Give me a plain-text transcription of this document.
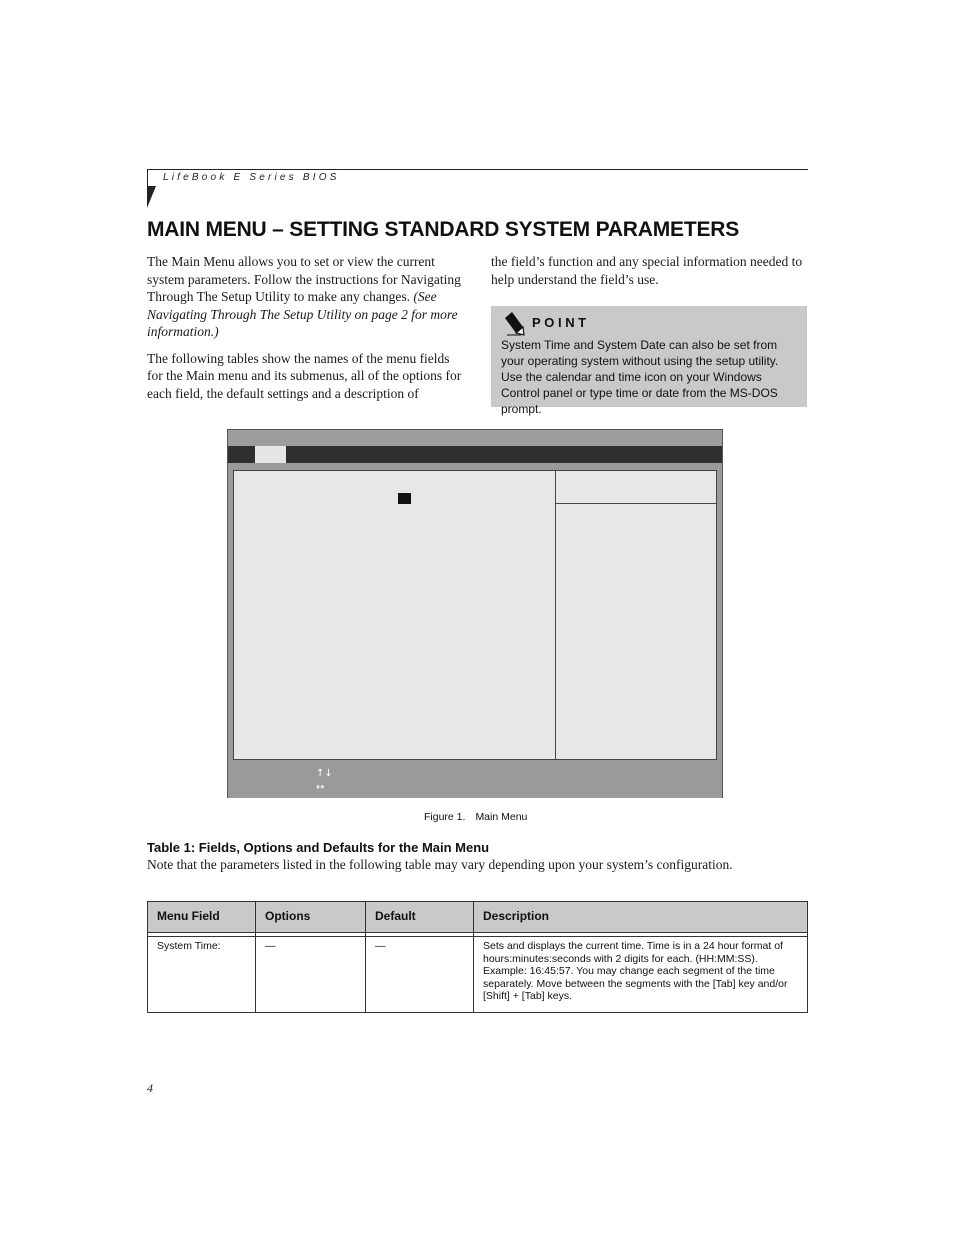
LifeBook E Series BIOS
MAIN MENU – SETTING STANDARD SYSTEM PARAMETERS

The Main Menu allows you to set or view the current system parameters. Follow the instructions for Navigating Through The Setup Utility to make any changes. (See Navigating Through The Setup Utility on page 2 for more information.)

The following tables show the names of the menu fields for the Main menu and its submenus, all of the options for each field, the default settings and a description of

the field’s function and any special information needed to help understand the field’s use.

POINT
System Time and System Date can also be set from your operating system without using the setup utility. Use the calendar and time icon on your Windows Control panel or type time or date from the MS-DOS prompt.
↑↓
↔
Figure 1. Main Menu
Table 1: Fields, Options and Defaults for the Main Menu
Note that the parameters listed in the following table may vary depending upon your system’s configuration.
Menu Field	Options	Default	Description
System Time:	—	—	Sets and displays the current time. Time is in a 24 hour format of hours:minutes:seconds with 2 digits for each. (HH:MM:SS). Example: 16:45:57. You may change each segment of the time separately. Move between the segments with the [Tab] key and/or [Shift] + [Tab] keys.
4
